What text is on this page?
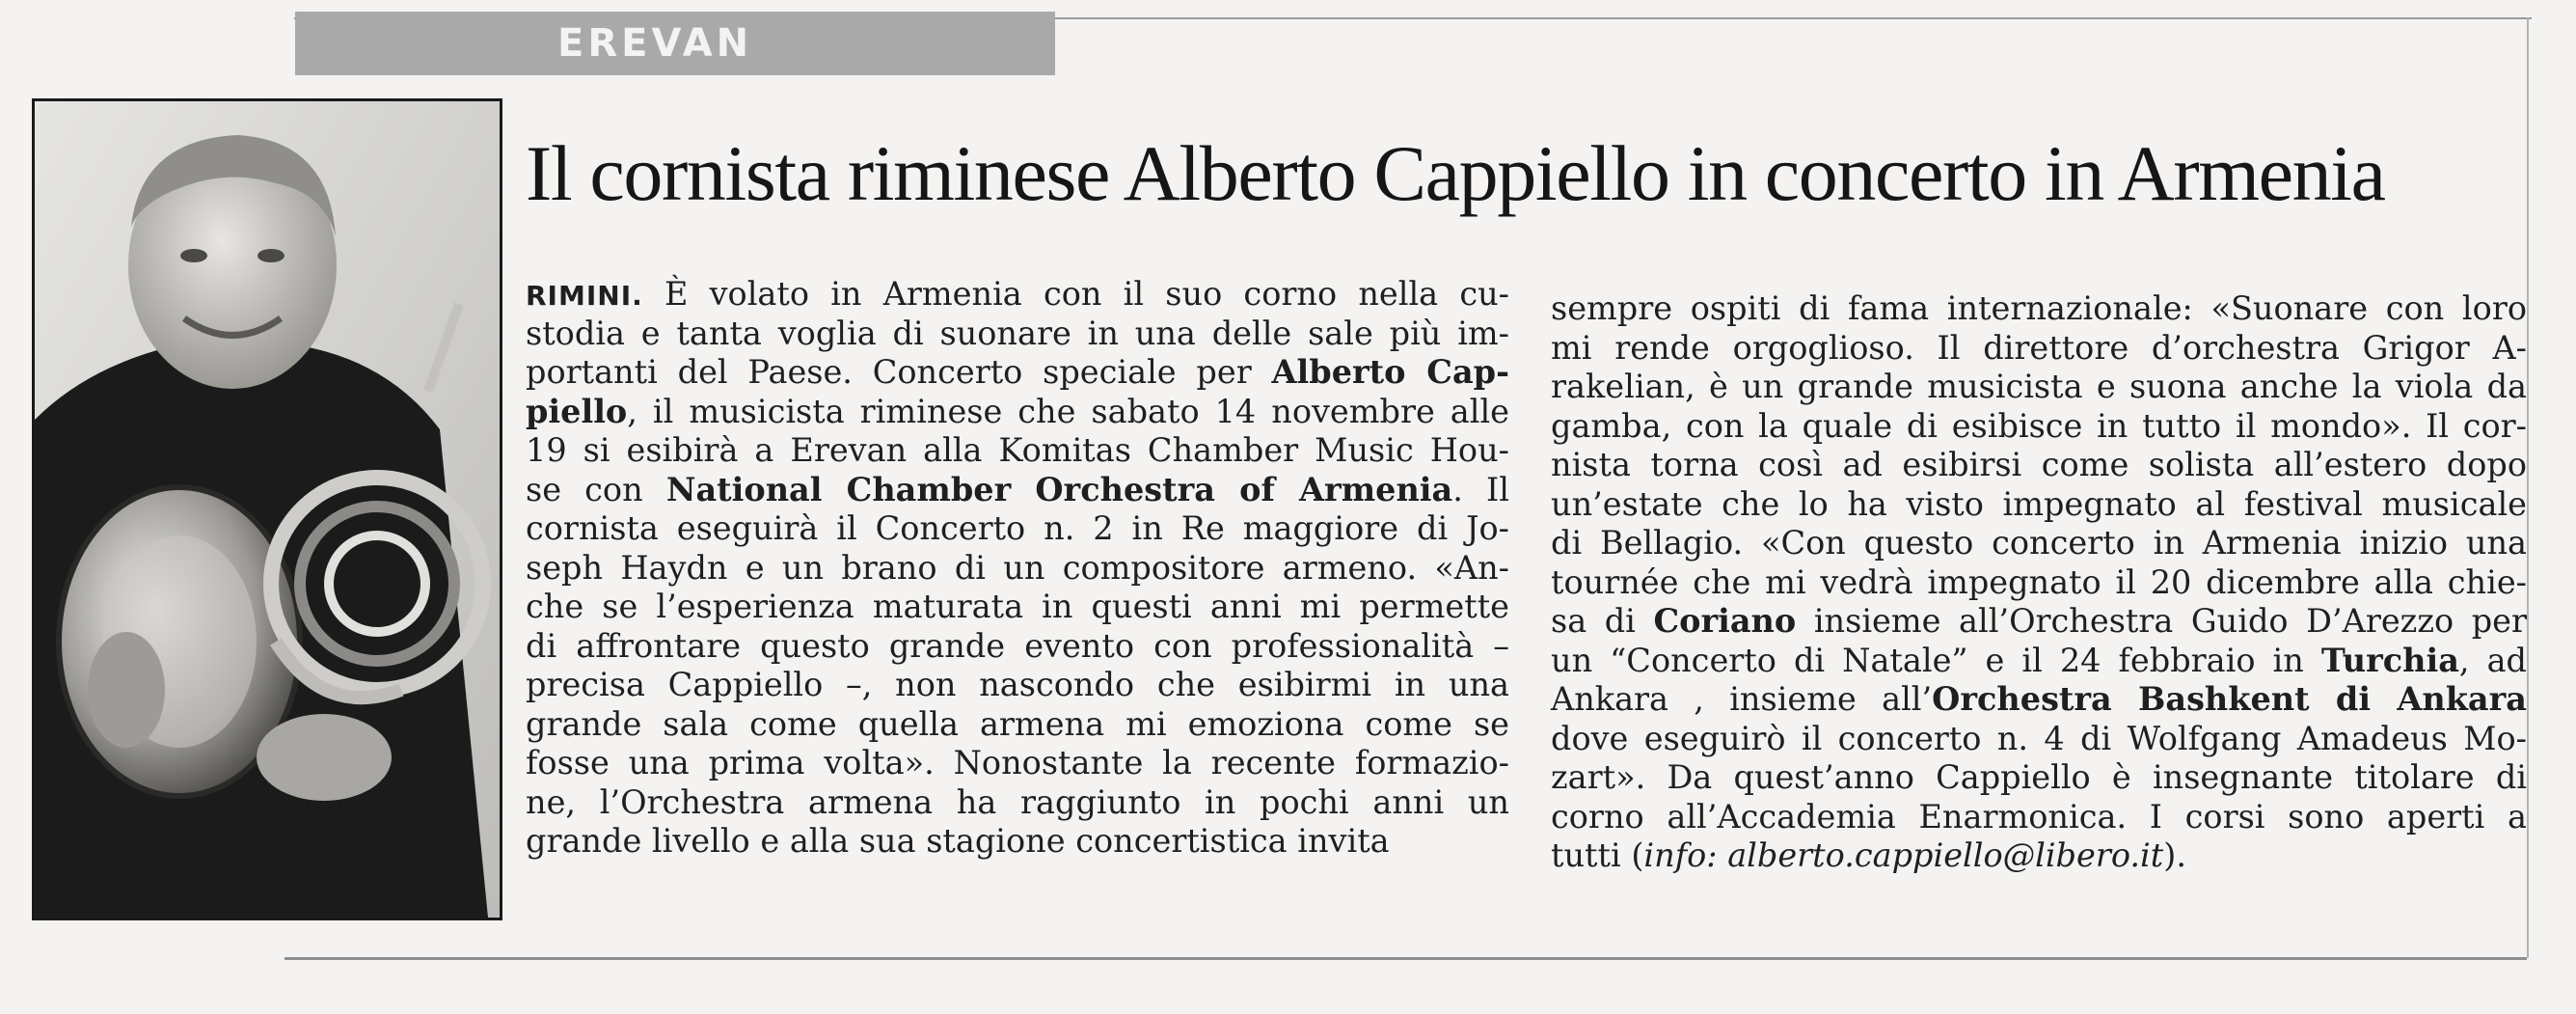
EREVAN
Il cornista riminese Alberto Cappiello in concerto in Armenia
RIMINI. È volato in Armenia con il suo corno nella cu-
stodia e tanta voglia di suonare in una delle sale più im-
portanti del Paese. Concerto speciale per Alberto Cap-
piello, il musicista riminese che sabato 14 novembre alle
19 si esibirà a Erevan alla Komitas Chamber Music Hou-
se con National Chamber Orchestra of Armenia. Il
cornista eseguirà il Concerto n. 2 in Re maggiore di Jo-
seph Haydn e un brano di un compositore armeno. «An-
che se l’esperienza maturata in questi anni mi permette
di affrontare questo grande evento con professionalità –
precisa Cappiello –, non nascondo che esibirmi in una
grande sala come quella armena mi emoziona come se
fosse una prima volta». Nonostante la recente formazio-
ne, l’Orchestra armena ha raggiunto in pochi anni un
grande livello e alla sua stagione concertistica invita
sempre ospiti di fama internazionale: «Suonare con loro
mi rende orgoglioso. Il direttore d’orchestra Grigor A-
rakelian, è un grande musicista e suona anche la viola da
gamba, con la quale di esibisce in tutto il mondo». Il cor-
nista torna così ad esibirsi come solista all’estero dopo
un’estate che lo ha visto impegnato al festival musicale
di Bellagio. «Con questo concerto in Armenia inizio una
tournée che mi vedrà impegnato il 20 dicembre alla chie-
sa di Coriano insieme all’Orchestra Guido D’Arezzo per
un “Concerto di Natale” e il 24 febbraio in Turchia, ad
Ankara , insieme all’Orchestra Bashkent di Ankara
dove eseguirò il concerto n. 4 di Wolfgang Amadeus Mo-
zart». Da quest’anno Cappiello è insegnante titolare di
corno all’Accademia Enarmonica. I corsi sono aperti a
tutti (info: alberto.cappiello@libero.it).
